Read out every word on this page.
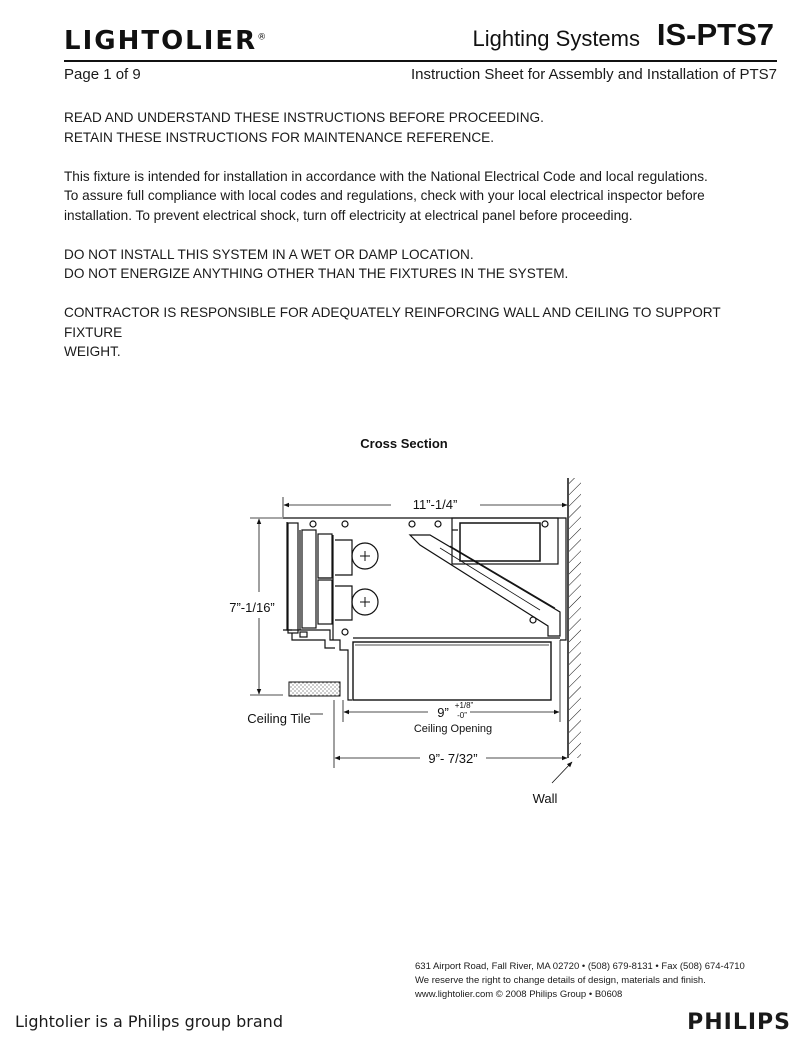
LIGHTOLIER®	Lighting Systems IS-PTS7
Page 1 of 9	Instruction Sheet for Assembly and Installation of PTS7

READ AND UNDERSTAND THESE INSTRUCTIONS BEFORE PROCEEDING.
RETAIN THESE INSTRUCTIONS FOR MAINTENANCE REFERENCE.

This fixture is intended for installation in accordance with the National Electrical Code and local regulations.
To assure full compliance with local codes and regulations, check with your local electrical inspector before
installation. To prevent electrical shock, turn off electricity at electrical panel before proceeding.

DO NOT INSTALL THIS SYSTEM IN A WET OR DAMP LOCATION.
DO NOT ENERGIZE ANYTHING OTHER THAN THE FIXTURES IN THE SYSTEM.

CONTRACTOR IS RESPONSIBLE FOR ADEQUATELY REINFORCING WALL AND CEILING TO SUPPORT FIXTURE
WEIGHT.

Cross Section
11”-1/4”
7”-1/16”
Ceiling Tile	9” +1/8”
-0”
Ceiling Opening
9”- 7/32”
Wall
631 Airport Road, Fall River, MA 02720 • (508) 679-8131 • Fax (508) 674-4710
We reserve the right to change details of design, materials and finish.
www.lightolier.com © 2008 Philips Group • B0608
Lightolier is a Philips group brand	PHILIPS
